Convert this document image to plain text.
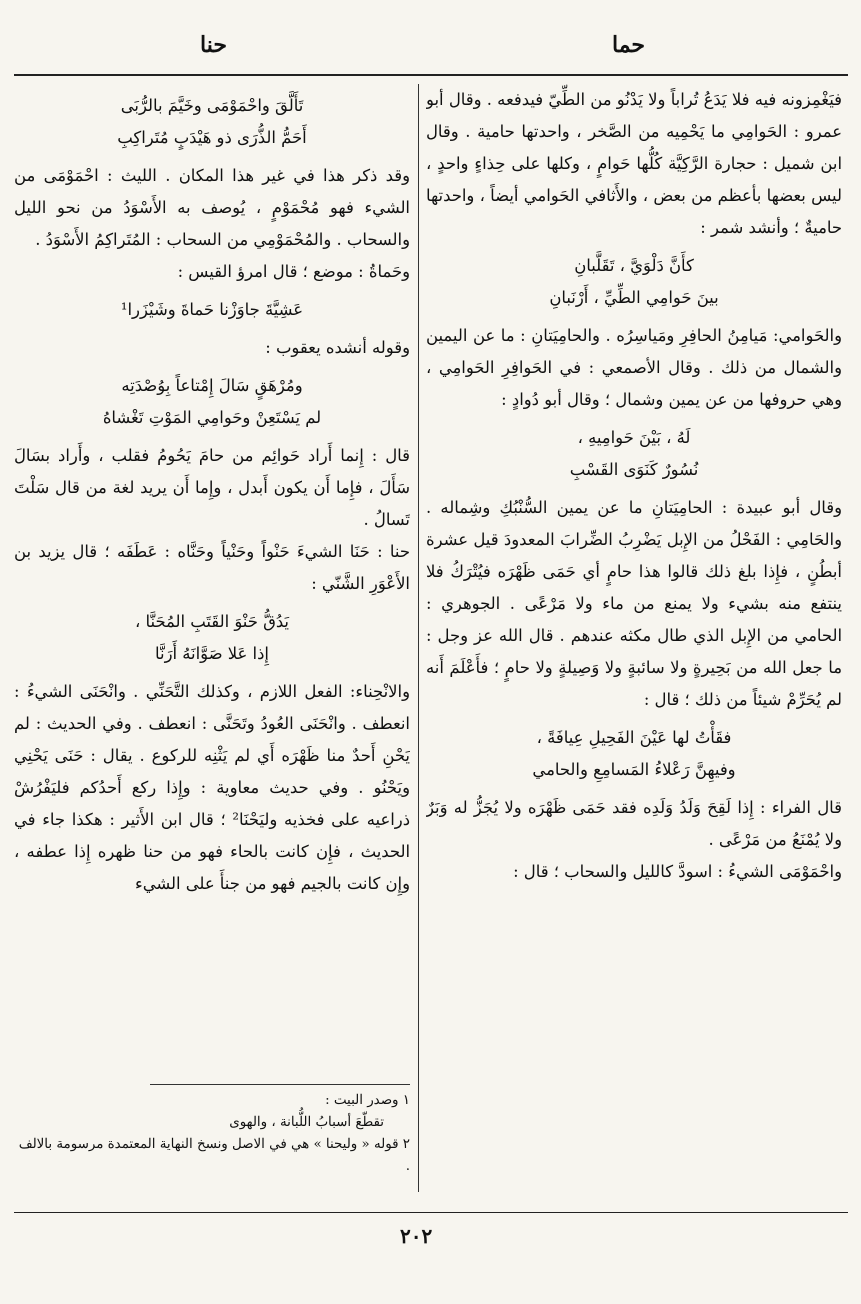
حما
حنا

فيَغْمِزونه فيه فلا يَدَعُ تُراباً ولا يَدْنُو من الطِّيّ فيدفعه . وقال أبو عمرو : الحَوامِي ما يَحْمِيه من الصَّخر ، واحدتها حامية . وقال ابن شميل : حجارة الرَّكِيَّة كُلُّها حَوامٍ ، وكلها على حِذاءٍ واحدٍ ، ليس بعضها بأعظم من بعض ، والأَثافي الحَوامي أيضاً ، واحدتها حاميةٌ ؛ وأنشد شمر :

كأَنَّ دَلْوَيَّ ، تَقَلَّبانِ
بينَ حَوامِي الطِّيِّ ، أَرْنَبانِ

والحَوامي: مَيامِنُ الحافِرِ ومَياسِرُه . والحامِيَتانِ : ما عن اليمين والشمال من ذلك . وقال الأصمعي : في الحَوافِرِ الحَوامِي ، وهي حروفها من عن يمين وشمال ؛ وقال أبو دُوادٍ :

لَهُ ، بَيْنَ حَوامِيهِ ،
نُسُورٌ كَنَوَى القَسْبِ

وقال أبو عبيدة : الحامِيَتانِ ما عن يمين السُّنْبُكِ وشِماله . والحَامِي : الفَحْلُ من الإِبل يَضْرِبُ الضِّرابَ المعدودَ قيل عشرة أبطُنٍ ، فإِذا بلغ ذلك قالوا هذا حامٍ أي حَمَى ظَهْرَه فيُتْرَكُ فلا ينتفع منه بشيء ولا يمنع من ماء ولا مَرْعًى . الجوهري : الحامي من الإِبل الذي طال مكثه عندهم . قال الله عز وجل : ما جعل الله من بَحِيرةٍ ولا سائبةٍ ولا وَصِيلةٍ ولا حامٍ ؛ فأَعْلَمَ أَنه لم يُحَرِّمْ شيئاً من ذلك ؛ قال :

فقَأْتُ لها عَيْنَ الفَحِيلِ عِيافَةً ،
وفيهِنَّ رَعْلاءُ المَسامِعِ والحامي

قال الفراء : إِذا لَقِحَ وَلَدُ وَلَدِه فقد حَمَى ظَهْرَه ولا يُجَزُّ له وَبَرٌ ولا يُمْنَعُ من مَرْعًى .

واحْمَوْمَى الشيءُ : اسودَّ كالليل والسحاب ؛ قال :

تَأَلَّقَ واحْمَوْمَى وخَيَّمَ بالرُّبَى
أَحَمُّ الذُّرَى ذو هَيْدَبٍ مُتَراكِبِ

وقد ذكر هذا في غير هذا المكان . الليث : احْمَوْمَى من الشيء فهو مُحْمَوْمٍ ، يُوصف به الأَسْوَدُ من نحو الليل والسحاب . والمُحْمَوْمِي من السحاب : المُتَراكِمُ الأَسْوَدُ .

وحَماةُ : موضع ؛ قال امرؤ القيس :

عَشِيَّةَ جاوَزْنا حَماةَ وشَيْزَرا¹

وقوله أنشده يعقوب :

ومُرْهَقٍ سَالَ إِمْتاعاً بِوُصْدَتِه
لم يَسْتَعِنْ وحَوامِي المَوْتِ تَغْشاهُ

قال : إِنما أَراد حَوائِم من حامَ يَحُومُ فقلب ، وأَراد بسَالَ سَأَلَ ، فإِما أَن يكون أَبدل ، وإِما أَن يريد لغة من قال سَلْتَ تَسالُ .

حنا : حَنَا الشيءَ حَنْواً وحَنْياً وحَنَّاه : عَطَفَه ؛ قال يزيد بن الأَعْوَرِ الشَّنّي :

يَدُقُّ حَنْوَ القَتَبِ المُحَنَّا ،
إِذا عَلا صَوَّانَهُ أَرَنَّا

والانْحِناء: الفعل اللازم ، وكذلك التَّحَنِّي . وانْحَنَى الشيءُ : انعطف . وانْحَنَى العُودُ وتَحَنَّى : انعطف . وفي الحديث : لم يَحْنِ أَحدٌ منا ظَهْرَه أَي لم يَثْنِه للركوع . يقال : حَنَى يَحْنِي ويَحْنُو . وفي حديث معاوية : وإِذا ركع أَحدُكم فليَفْرُشْ ذراعيه على فخذيه وليَحْنَا² ؛ قال ابن الأَثير : هكذا جاء في الحديث ، فإِن كانت بالحاء فهو من حنا ظهره إِذا عطفه ، وإِن كانت بالجيم فهو من جنأَ على الشيء

١ وصدر البيت :

تقطّعَ أسبابُ اللُّبانة ، والهوى

٢ قوله « وليحنا » هي في الاصل ونسخ النهاية المعتمدة مرسومة بالالف .

٢٠٢
